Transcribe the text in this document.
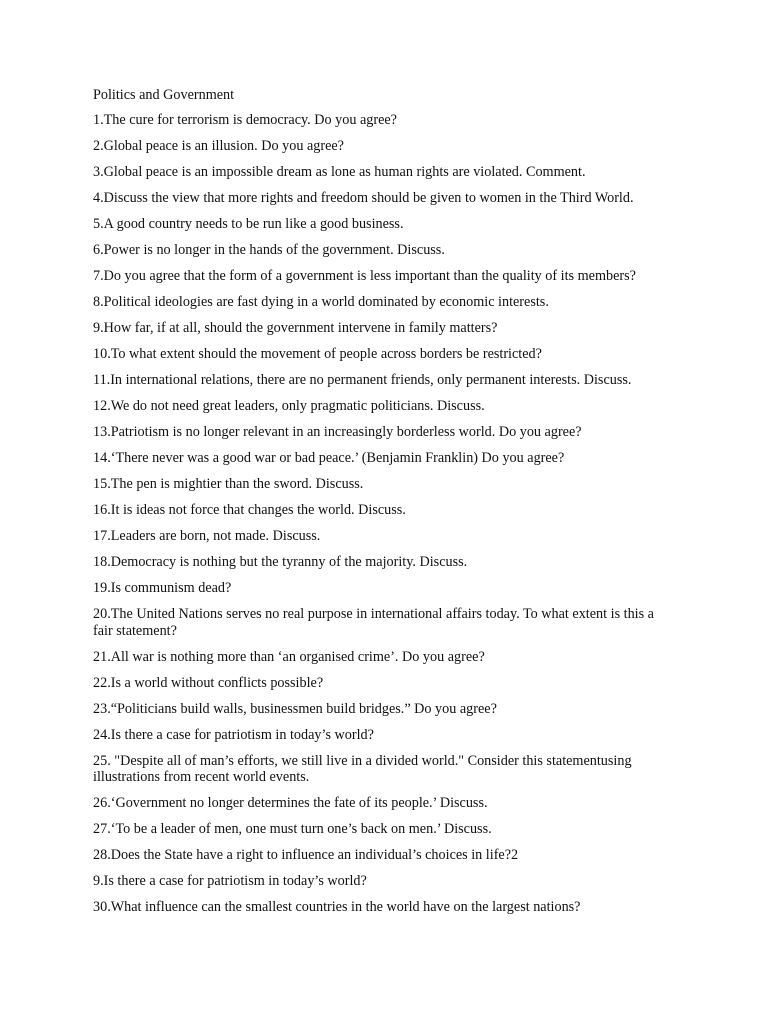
Politics and Government
1.The cure for terrorism is democracy. Do you agree?
2.Global peace is an illusion. Do you agree?
3.Global peace is an impossible dream as lone as human rights are violated. Comment.
4.Discuss the view that more rights and freedom should be given to women in the Third World.
5.A good country needs to be run like a good business.
6.Power is no longer in the hands of the government. Discuss.
7.Do you agree that the form of a government is less important than the quality of its members?
8.Political ideologies are fast dying in a world dominated by economic interests.
9.How far, if at all, should the government intervene in family matters?
10.To what extent should the movement of people across borders be restricted?
11.In international relations, there are no permanent friends, only permanent interests. Discuss.
12.We do not need great leaders, only pragmatic politicians. Discuss.
13.Patriotism is no longer relevant in an increasingly borderless world. Do you agree?
14.‘There never was a good war or bad peace.’ (Benjamin Franklin) Do you agree?
15.The pen is mightier than the sword. Discuss.
16.It is ideas not force that changes the world. Discuss.
17.Leaders are born, not made. Discuss.
18.Democracy is nothing but the tyranny of the majority. Discuss.
19.Is communism dead?
20.The United Nations serves no real purpose in international affairs today. To what extent is this a fair statement?
21.All war is nothing more than ‘an organised crime’. Do you agree?
22.Is a world without conflicts possible?
23.“Politicians build walls, businessmen build bridges.” Do you agree?
24.Is there a case for patriotism in today’s world?
25. "Despite all of man’s efforts, we still live in a divided world." Consider this statementusing illustrations from recent world events.
26.‘Government no longer determines the fate of its people.’ Discuss.
27.‘To be a leader of men, one must turn one’s back on men.’ Discuss.
28.Does the State have a right to influence an individual’s choices in life?2
9.Is there a case for patriotism in today’s world?
30.What influence can the smallest countries in the world have on the largest nations?
